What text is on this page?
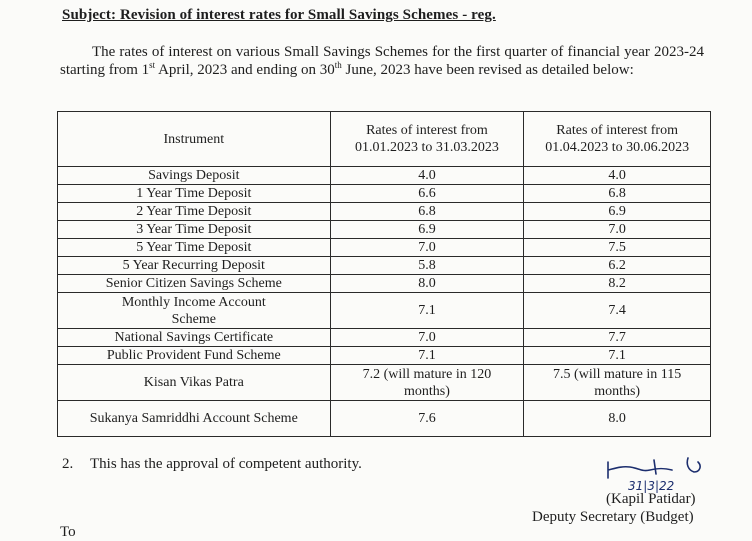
Subject: Revision of interest rates for Small Savings Schemes - reg.
The rates of interest on various Small Savings Schemes for the first quarter of financial year 2023-24 starting from 1st April, 2023 and ending on 30th June, 2023 have been revised as detailed below:
Instrument	Rates of interest from 01.01.2023 to 31.03.2023	Rates of interest from 01.04.2023 to 30.06.2023
Savings Deposit	4.0	4.0
1 Year Time Deposit	6.6	6.8
2 Year Time Deposit	6.8	6.9
3 Year Time Deposit	6.9	7.0
5 Year Time Deposit	7.0	7.5
5 Year Recurring Deposit	5.8	6.2
Senior Citizen Savings Scheme	8.0	8.2
Monthly Income Account Scheme	7.1	7.4
National Savings Certificate	7.0	7.7
Public Provident Fund Scheme	7.1	7.1
Kisan Vikas Patra	7.2 (will mature in 120 months)	7.5 (will mature in 115 months)
Sukanya Samriddhi Account Scheme	7.6	8.0
2. This has the approval of competent authority.
31|3|22
(Kapil Patidar)
Deputy Secretary (Budget)
To
